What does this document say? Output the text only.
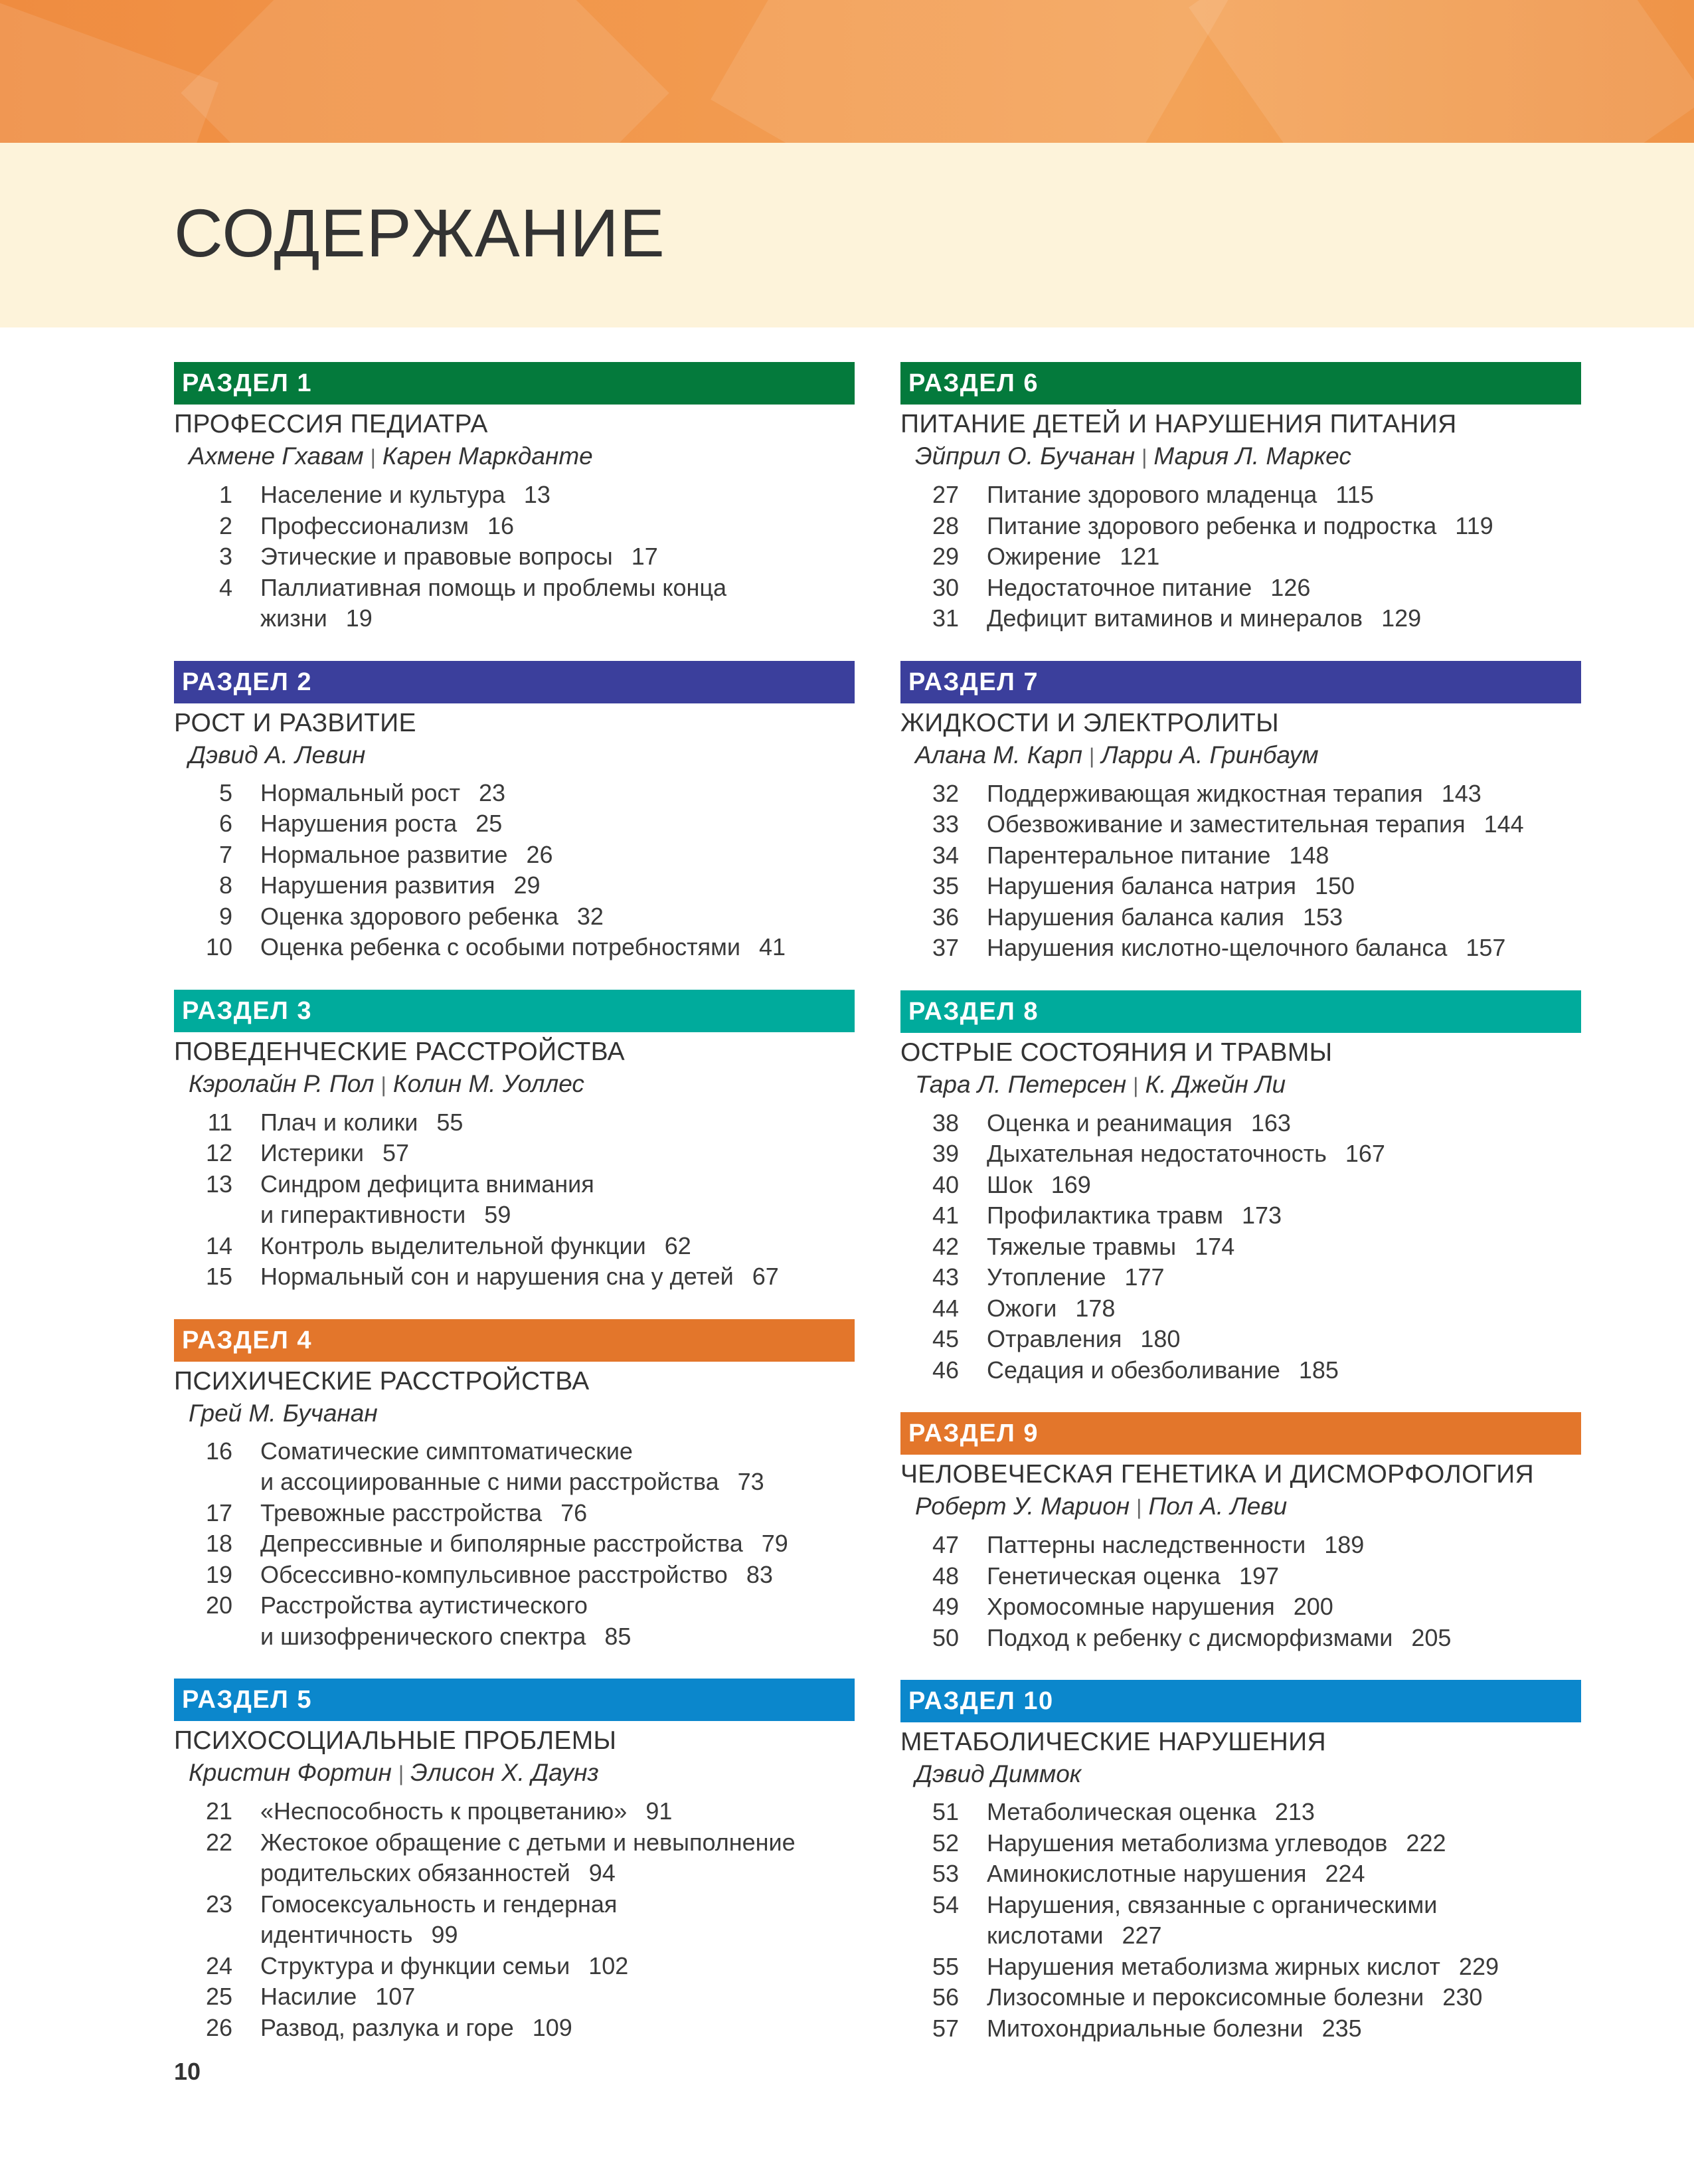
СОДЕРЖАНИЕ
РАЗДЕЛ 1
ПРОФЕССИЯ ПЕДИАТРА
Ахмене Гхавам | Карен Маркданте
1	Население и культура 13
2	Профессионализм 16
3	Этические и правовые вопросы 17
4	Паллиативная помощь и проблемы конца
жизни 19
РАЗДЕЛ 2
РОСТ И РАЗВИТИЕ
Дэвид А. Левин
5	Нормальный рост 23
6	Нарушения роста 25
7	Нормальное развитие 26
8	Нарушения развития 29
9	Оценка здорового ребенка 32
10	Оценка ребенка с особыми потребностями 41
РАЗДЕЛ 3
ПОВЕДЕНЧЕСКИЕ РАССТРОЙСТВА
Кэролайн Р. Пол | Колин М. Уоллес
11	Плач и колики 55
12	Истерики 57
13	Синдром дефицита внимания
и гиперактивности 59
14	Контроль выделительной функции 62
15	Нормальный сон и нарушения сна у детей 67
РАЗДЕЛ 4
ПСИХИЧЕСКИЕ РАССТРОЙСТВА
Грей М. Бучанан
16	Соматические симптоматические
и ассоциированные с ними расстройства 73
17	Тревожные расстройства 76
18	Депрессивные и биполярные расстройства 79
19	Обсессивно-компульсивное расстройство 83
20	Расстройства аутистического
и шизофренического спектра 85
РАЗДЕЛ 5
ПСИХОСОЦИАЛЬНЫЕ ПРОБЛЕМЫ
Кристин Фортин | Элисон Х. Даунз
21	«Неспособность к процветанию» 91
22	Жестокое обращение с детьми и невыполнение
родительских обязанностей 94
23	Гомосексуальность и гендерная
идентичность 99
24	Структура и функции семьи 102
25	Насилие 107
26	Развод, разлука и горе 109
РАЗДЕЛ 6
ПИТАНИЕ ДЕТЕЙ И НАРУШЕНИЯ ПИТАНИЯ
Эйприл О. Бучанан | Мария Л. Маркес
27	Питание здорового младенца 115
28	Питание здорового ребенка и подростка 119
29	Ожирение 121
30	Недостаточное питание 126
31	Дефицит витаминов и минералов 129
РАЗДЕЛ 7
ЖИДКОСТИ И ЭЛЕКТРОЛИТЫ
Алана М. Карп | Ларри А. Гринбаум
32	Поддерживающая жидкостная терапия 143
33	Обезвоживание и заместительная терапия 144
34	Парентеральное питание 148
35	Нарушения баланса натрия 150
36	Нарушения баланса калия 153
37	Нарушения кислотно-щелочного баланса 157
РАЗДЕЛ 8
ОСТРЫЕ СОСТОЯНИЯ И ТРАВМЫ
Тара Л. Петерсен | К. Джейн Ли
38	Оценка и реанимация 163
39	Дыхательная недостаточность 167
40	Шок 169
41	Профилактика травм 173
42	Тяжелые травмы 174
43	Утопление 177
44	Ожоги 178
45	Отравления 180
46	Седация и обезболивание 185
РАЗДЕЛ 9
ЧЕЛОВЕЧЕСКАЯ ГЕНЕТИКА И ДИСМОРФОЛОГИЯ
Роберт У. Марион | Пол А. Леви
47	Паттерны наследственности 189
48	Генетическая оценка 197
49	Хромосомные нарушения 200
50	Подход к ребенку с дисморфизмами 205
РАЗДЕЛ 10
МЕТАБОЛИЧЕСКИЕ НАРУШЕНИЯ
Дэвид Диммок
51	Метаболическая оценка 213
52	Нарушения метаболизма углеводов 222
53	Аминокислотные нарушения 224
54	Нарушения, связанные с органическими
кислотами 227
55	Нарушения метаболизма жирных кислот 229
56	Лизосомные и пероксисомные болезни 230
57	Митохондриальные болезни 235
10
